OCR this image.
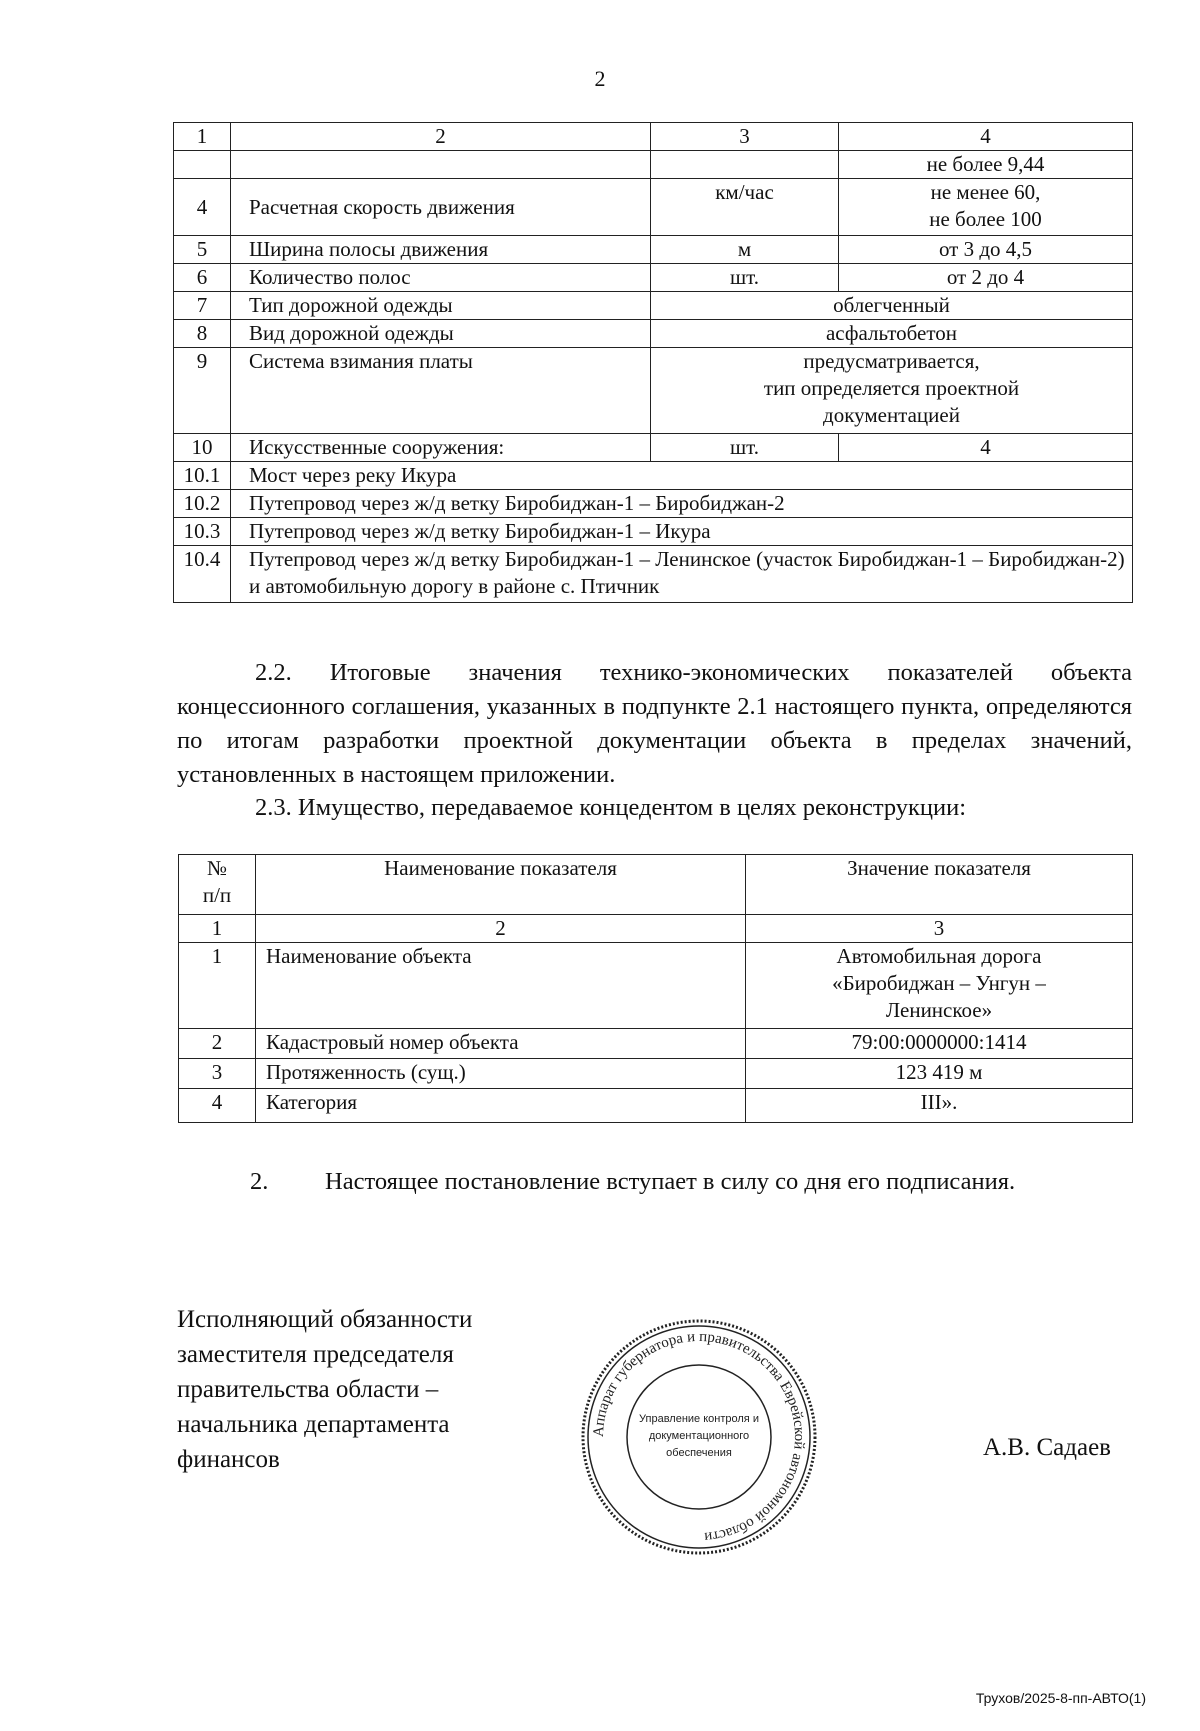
2
1	2	3	4
			не более 9,44
4	Расчетная скорость движения	км/час	не менее 60,
не более 100

5	Ширина полосы движения	м	от 3 до 4,5
6	Количество полос	шт.	от 2 до 4
7	Тип дорожной одежды	облегченный	
8	Вид дорожной одежды	асфальтобетон	
9	Система взимания платы	предусматривается,
тип определяется проектной
документацией	

10	Искусственные сооружения:	шт.	4
10.1	Мост через реку Икура		
10.2	Путепровод через ж/д ветку Биробиджан-1 – Биробиджан-2		
10.3	Путепровод через ж/д ветку Биробиджан-1 – Икура		
10.4	Путепровод через ж/д ветку Биробиджан-1 – Ленинское (участок Биробиджан-1 – Биробиджан-2) и автомобильную дорогу в районе с. Птичник		

2.2. Итоговые значения технико-экономических показателей объекта концессионного соглашения, указанных в подпункте 2.1 настоящего пункта, определяются по итогам разработки проектной документации объекта в пределах значений, установленных в настоящем приложении.

2.3. Имущество, передаваемое концедентом в целях реконструкции:

№
п/п	Наименование показателя	Значение показателя
1	2	3
1	Наименование объекта	Автомобильная дорога
«Биробиджан – Унгун –
Ленинское»

2	Кадастровый номер объекта	79:00:0000000:1414
3	Протяженность (сущ.)	123 419 м
4	Категория	III».
2. Настоящее постановление вступает в силу со дня его подписания.
Исполняющий обязанности
заместителя председателя
правительства области –
начальника департамента
финансов
Аппарат губернатора и правительства Еврейской автономной области
Управление контроля и
документационного
обеспечения	А.В. Садаев
Трухов/2025-8-пп-АВТО(1)
